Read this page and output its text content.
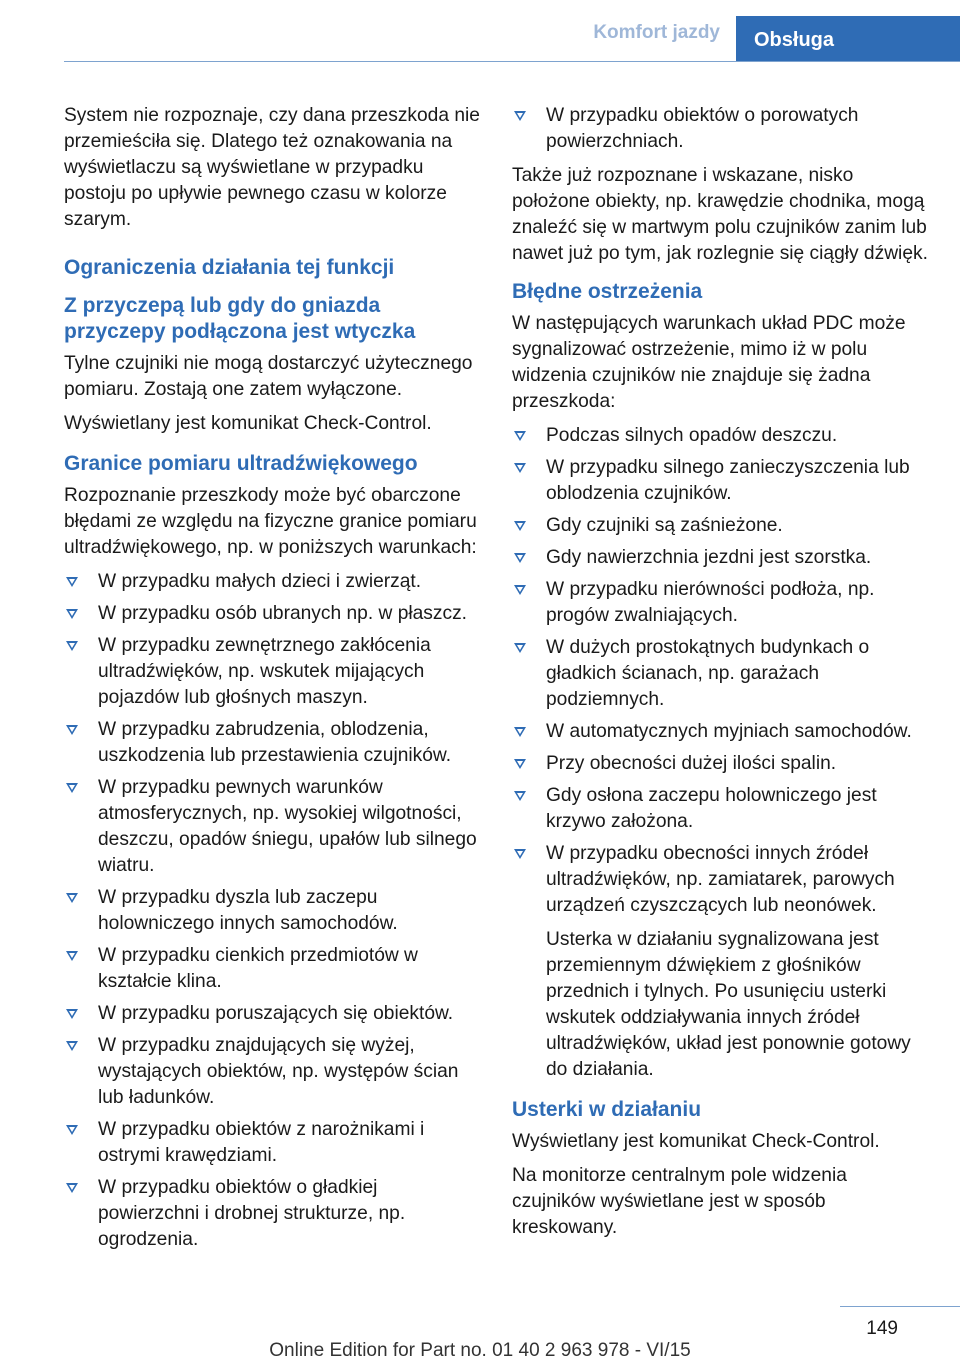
Komfort jazdy	Obsługa

System nie rozpoznaje, czy dana przeszkoda nie przemieściła się. Dlatego też oznakowania na wyświetlaczu są wyświetlane w przypadku postoju po upływie pewnego czasu w kolorze szarym.

Ograniczenia działania tej funkcji
Z przyczepą lub gdy do gniazda przyczepy podłączona jest wtyczka

Tylne czujniki nie mogą dostarczyć użytecznego pomiaru. Zostają one zatem wyłączone.

Wyświetlany jest komunikat Check-Control.

Granice pomiaru ultradźwiękowego

Rozpoznanie przeszkody może być obarczone błędami ze względu na fizyczne granice pomiaru ultradźwiękowego, np. w poniższych warunkach:

W przypadku małych dzieci i zwierząt.
W przypadku osób ubranych np. w płaszcz.
W przypadku zewnętrznego zakłócenia ultradźwięków, np. wskutek mijających pojazdów lub głośnych maszyn.
W przypadku zabrudzenia, oblodzenia, uszkodzenia lub przestawienia czujników.
W przypadku pewnych warunków atmosferycznych, np. wysokiej wilgotności, deszczu, opadów śniegu, upałów lub silnego wiatru.
W przypadku dyszla lub zaczepu holowniczego innych samochodów.
W przypadku cienkich przedmiotów w kształcie klina.
W przypadku poruszających się obiektów.
W przypadku znajdujących się wyżej, wystających obiektów, np. występów ścian lub ładunków.
W przypadku obiektów z narożnikami i ostrymi krawędziami.
W przypadku obiektów o gładkiej powierzchni i drobnej strukturze, np. ogrodzenia.
W przypadku obiektów o porowatych powierzchniach.

Także już rozpoznane i wskazane, nisko położone obiekty, np. krawędzie chodnika, mogą znaleźć się w martwym polu czujników zanim lub nawet już po tym, jak rozlegnie się ciągły dźwięk.

Błędne ostrzeżenia

W następujących warunkach układ PDC może sygnalizować ostrzeżenie, mimo iż w polu widzenia czujników nie znajduje się żadna przeszkoda:

Podczas silnych opadów deszczu.
W przypadku silnego zanieczyszczenia lub oblodzenia czujników.
Gdy czujniki są zaśnieżone.
Gdy nawierzchnia jezdni jest szorstka.
W przypadku nierówności podłoża, np. progów zwalniających.
W dużych prostokątnych budynkach o gładkich ścianach, np. garażach podziemnych.
W automatycznych myjniach samochodów.
Przy obecności dużej ilości spalin.
Gdy osłona zaczepu holowniczego jest krzywo założona.
W przypadku obecności innych źródeł ultradźwięków, np. zamiatarek, parowych urządzeń czyszczących lub neonówek.

Usterka w działaniu sygnalizowana jest przemiennym dźwiękiem z głośników przednich i tylnych. Po usunięciu usterki wskutek oddziaływania innych źródeł ultradźwięków, układ jest ponownie gotowy do działania.

Usterki w działaniu

Wyświetlany jest komunikat Check-Control.

Na monitorze centralnym pole widzenia czujników wyświetlane jest w sposób kreskowany.

149
Online Edition for Part no. 01 40 2 963 978 - VI/15
